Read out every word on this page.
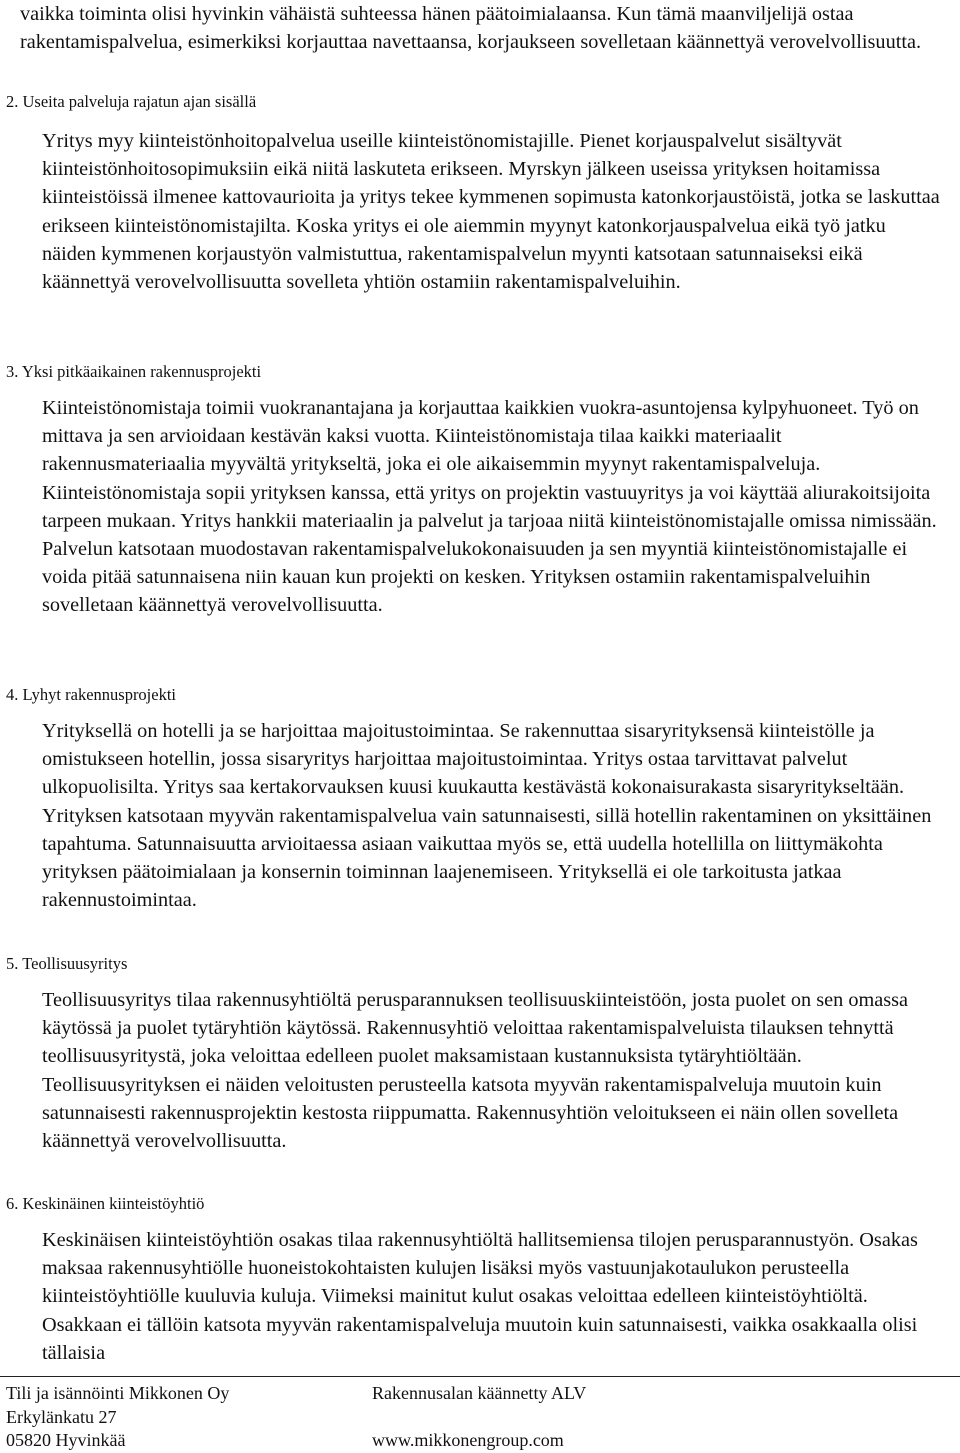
vaikka toiminta olisi hyvinkin vähäistä suhteessa hänen päätoimialaansa. Kun tämä maanviljelijä ostaa rakentamispalvelua, esimerkiksi korjauttaa navettaansa, korjaukseen sovelletaan käännettyä verovelvollisuutta.

2. Useita palveluja rajatun ajan sisällä

Yritys myy kiinteistönhoitopalvelua useille kiinteistönomistajille. Pienet korjauspalvelut sisältyvät kiinteistönhoitosopimuksiin eikä niitä laskuteta erikseen. Myrskyn jälkeen useissa yrityksen hoitamissa kiinteistöissä ilmenee kattovaurioita ja yritys tekee kymmenen sopimusta katonkorjaustöistä, jotka se laskuttaa erikseen kiinteistönomistajilta. Koska yritys ei ole aiemmin myynyt katonkorjauspalvelua eikä työ jatku näiden kymmenen korjaustyön valmistuttua, rakentamispalvelun myynti katsotaan satunnaiseksi eikä käännettyä verovelvollisuutta sovelleta yhtiön ostamiin rakentamispalveluihin.

3. Yksi pitkäaikainen rakennusprojekti

Kiinteistönomistaja toimii vuokranantajana ja korjauttaa kaikkien vuokra-asuntojensa kylpyhuoneet. Työ on mittava ja sen arvioidaan kestävän kaksi vuotta. Kiinteistönomistaja tilaa kaikki materiaalit rakennusmateriaalia myyvältä yritykseltä, joka ei ole aikaisemmin myynyt rakentamispalveluja. Kiinteistönomistaja sopii yrityksen kanssa, että yritys on projektin vastuuyritys ja voi käyttää aliurakoitsijoita tarpeen mukaan. Yritys hankkii materiaalin ja palvelut ja tarjoaa niitä kiinteistönomistajalle omissa nimissään. Palvelun katsotaan muodostavan rakentamispalvelukokonaisuuden ja sen myyntiä kiinteistönomistajalle ei voida pitää satunnaisena niin kauan kun projekti on kesken. Yrityksen ostamiin rakentamispalveluihin sovelletaan käännettyä verovelvollisuutta.

4. Lyhyt rakennusprojekti

Yrityksellä on hotelli ja se harjoittaa majoitustoimintaa. Se rakennuttaa sisaryrityksensä kiinteistölle ja omistukseen hotellin, jossa sisaryritys harjoittaa majoitustoimintaa. Yritys ostaa tarvittavat palvelut ulkopuolisilta. Yritys saa kertakorvauksen kuusi kuukautta kestävästä kokonaisurakasta sisaryritykseltään. Yrityksen katsotaan myyvän rakentamispalvelua vain satunnaisesti, sillä hotellin rakentaminen on yksittäinen tapahtuma. Satunnaisuutta arvioitaessa asiaan vaikuttaa myös se, että uudella hotellilla on liittymäkohta yrityksen päätoimialaan ja konsernin toiminnan laajenemiseen. Yrityksellä ei ole tarkoitusta jatkaa rakennustoimintaa.

5. Teollisuusyritys

Teollisuusyritys tilaa rakennusyhtiöltä perusparannuksen teollisuuskiinteistöön, josta puolet on sen omassa käytössä ja puolet tytäryhtiön käytössä. Rakennusyhtiö veloittaa rakentamispalveluista tilauksen tehnyttä teollisuusyritystä, joka veloittaa edelleen puolet maksamistaan kustannuksista tytäryhtiöltään. Teollisuusyrityksen ei näiden veloitusten perusteella katsota myyvän rakentamispalveluja muutoin kuin satunnaisesti rakennusprojektin kestosta riippumatta. Rakennusyhtiön veloitukseen ei näin ollen sovelleta käännettyä verovelvollisuutta.

6. Keskinäinen kiinteistöyhtiö

Keskinäisen kiinteistöyhtiön osakas tilaa rakennusyhtiöltä hallitsemiensa tilojen perusparannustyön. Osakas maksaa rakennusyhtiölle huoneistokohtaisten kulujen lisäksi myös vastuunjakotaulukon perusteella kiinteistöyhtiölle kuuluvia kuluja. Viimeksi mainitut kulut osakas veloittaa edelleen kiinteistöyhtiöltä. Osakkaan ei tällöin katsota myyvän rakentamispalveluja muutoin kuin satunnaisesti, vaikka osakkaalla olisi tällaisia

Tili ja isännöinti Mikkonen Oy
Erkylänkatu 27
05820 Hyvinkää
Rakennusalan käännetty ALV

www.mikkonengroup.com
